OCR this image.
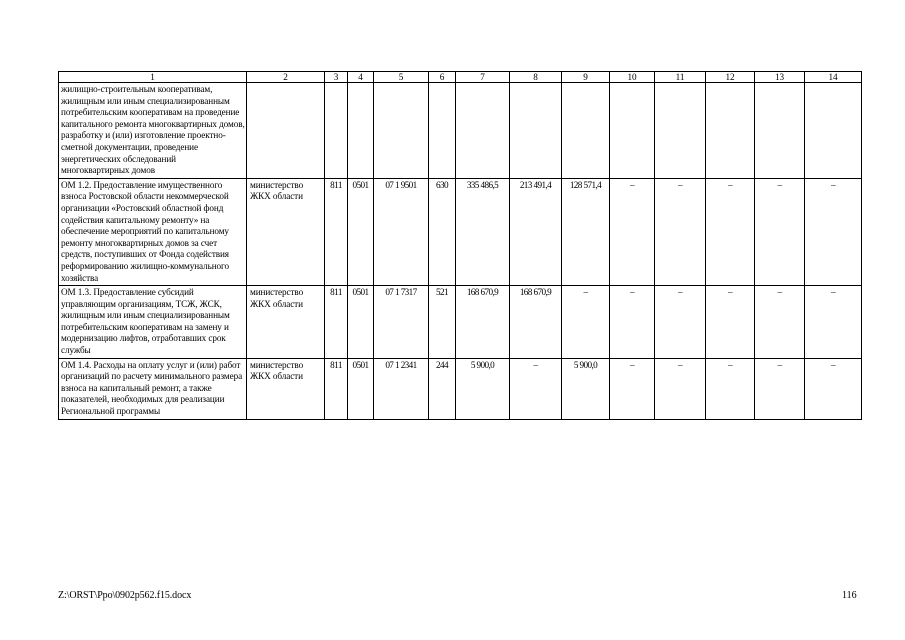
1	2	3	4	5	6	7	8	9	10	11	12	13	14
жилищно-строительным кооперативам, жилищным или иным специализированным потребительским кооперативам на проведение капитального ремонта многоквартирных домов, разработку и (или) изготовление проектно-сметной документации, проведение энергетических обследований многоквартирных домов													
ОМ 1.2. Предоставление имущественного взноса Ростовской области некоммерческой организации «Ростовский областной фонд содействия капитальному ремонту» на обеспечение мероприятий по капитальному ремонту многоквартирных домов за счет средств, поступивших от Фонда содействия реформированию жилищно-коммунального хозяйства	министерство ЖКХ области	811	0501	07 1 9501	630	335 486,5	213 491,4	128 571,4	–	–	–	–	–
ОМ 1.3. Предоставление субсидий управляющим организациям, ТСЖ, ЖСК, жилищным или иным специализированным потребительским кооперативам на замену и модернизацию лифтов, отработавших срок службы	министерство ЖКХ области	811	0501	07 1 7317	521	168 670,9	168 670,9	–	–	–	–	–	–
ОМ 1.4. Расходы на оплату услуг и (или) работ организаций по расчету минимального размера взноса на капитальный ремонт, а также показателей, необходимых для реализации Региональной программы	министерство ЖКХ области	811	0501	07 1 2341	244	5 900,0	–	5 900,0	–	–	–	–	–
Z:\ORST\Ppo\0902p562.f15.docx	116
